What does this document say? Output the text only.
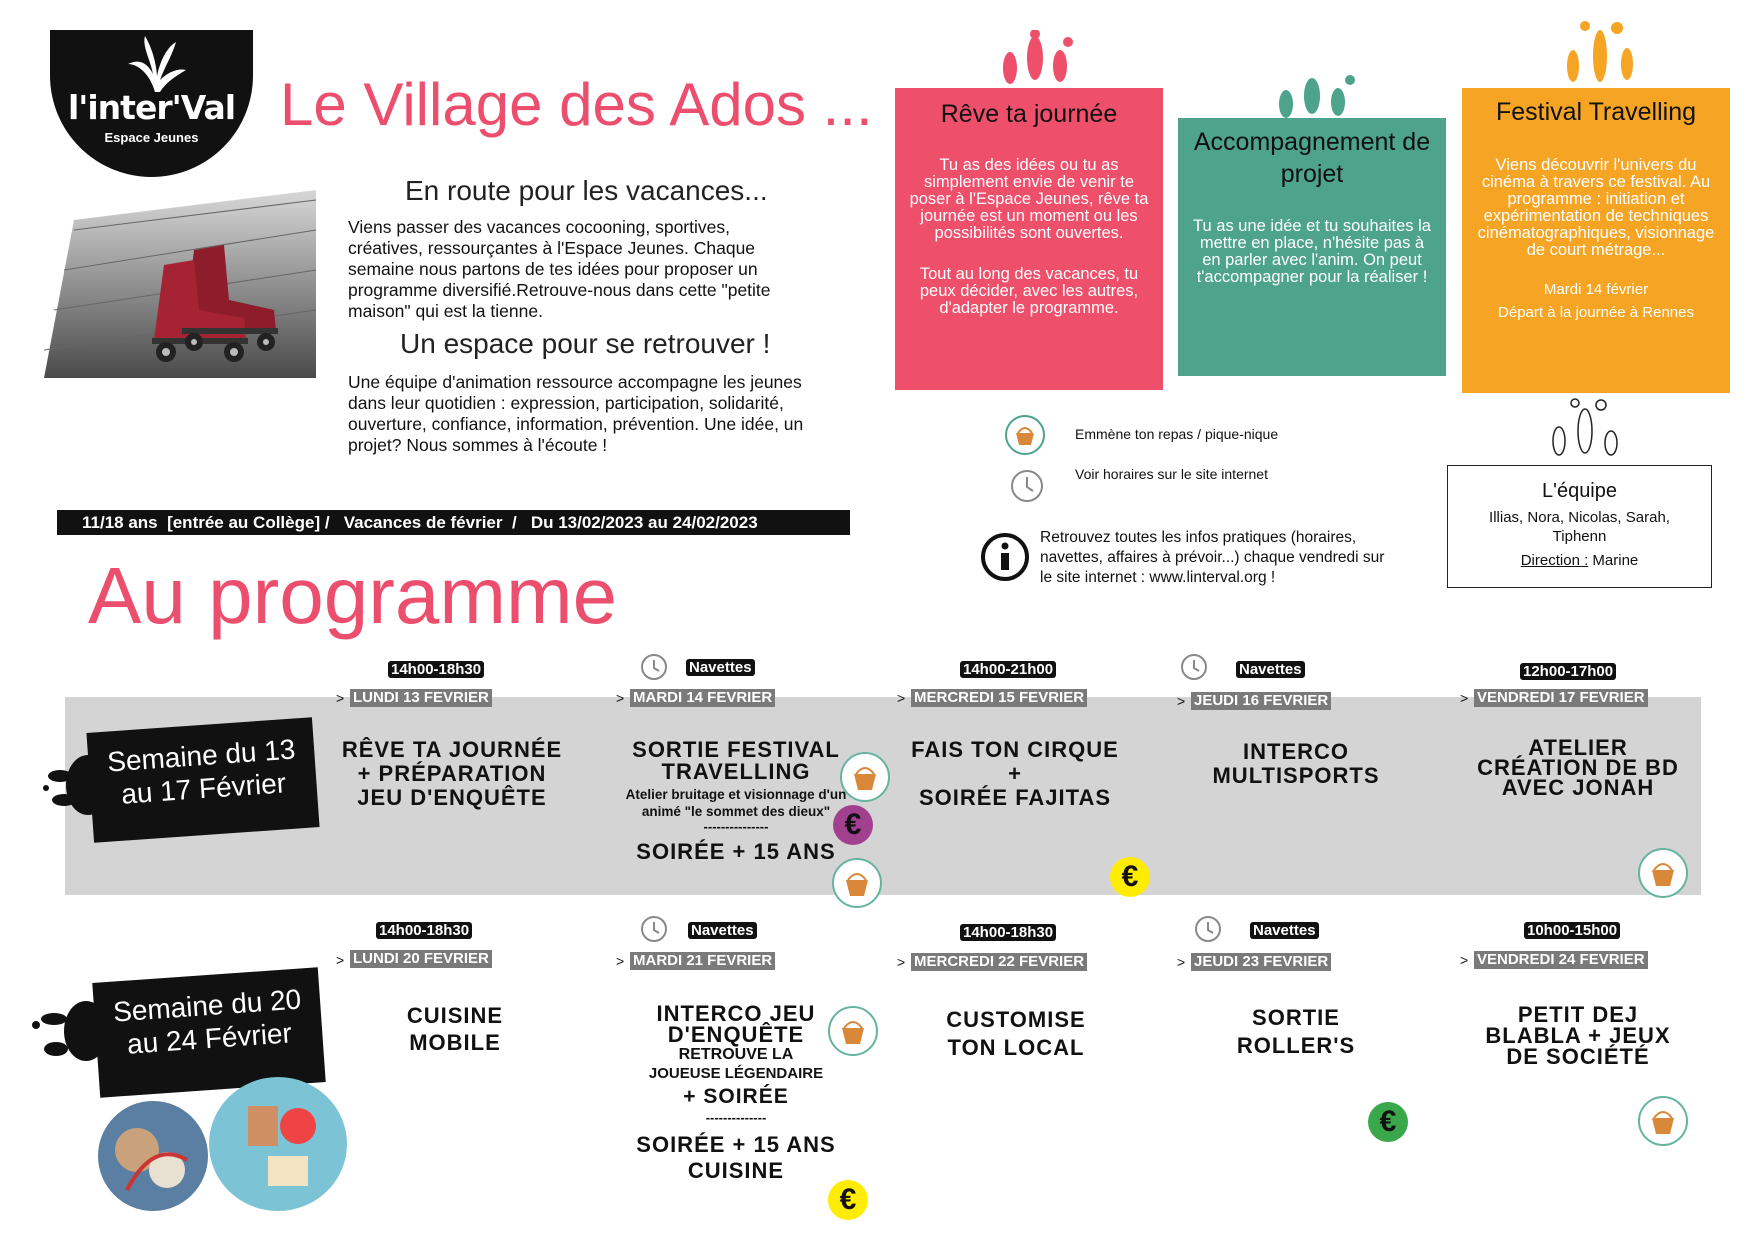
l'inter'Val
Espace Jeunes	Le Village des Ados ...
En route pour les vacances...
Viens passer des vacances cocooning, sportives, créatives, ressourçantes à l'Espace Jeunes. Chaque semaine nous partons de tes idées pour proposer un programme diversifié.Retrouve-nous dans cette "petite maison" qui est la tienne.
Un espace pour se retrouver !
Une équipe d'animation ressource accompagne les jeunes dans leur quotidien : expression, participation, solidarité, ouverture, confiance, information, prévention. Une idée, un projet? Nous sommes à l'écoute !
11/18 ans  [entrée au Collège] /   Vacances de février  /   Du 13/02/2023 au 24/02/2023
Au programme
Rêve ta journée

Tu as des idées ou tu as simplement envie de venir te poser à l'Espace Jeunes, rêve ta journée est un moment ou les possibilités sont ouvertes.

Tout au long des vacances, tu peux décider, avec les autres, d'adapter le programme.

Accompagnement de projet

Tu as une idée et tu souhaites la mettre en place, n'hésite pas à en parler avec l'anim. On peut t'accompagner pour la réaliser !

Festival Travelling

Viens découvrir l'univers du cinéma à travers ce festival. Au programme : initiation et expérimentation de techniques cinématographiques, visionnage de court métrage...

Mardi 14 février

Départ à la journée à Rennes

Emmène ton repas / pique-nique
Voir horaires sur le site internet
Retrouvez toutes les infos pratiques (horaires, navettes, affaires à prévoir...) chaque vendredi sur le site internet : www.linterval.org !
L'équipe
Illias, Nora, Nicolas, Sarah, Tiphenn
Direction : Marine
Semaine du 13
au 17 Février
Semaine du 20
au 24 Février
14h00-18h30
> LUNDI 13 FEVRIER
RÊVE TA JOURNÉE
+ PRÉPARATION
JEU D'ENQUÊTE
Navettes
> MARDI 14 FEVRIER
SORTIE FESTIVAL
TRAVELLING
Atelier bruitage et visionnage d'un
animé "le sommet des dieux"
---------------
SOIRÉE + 15 ANS
€
14h00-21h00
> MERCREDI 15 FEVRIER
FAIS TON CIRQUE
+
SOIRÉE FAJITAS
€
Navettes
> JEUDI 16 FEVRIER
INTERCO
MULTISPORTS
12h00-17h00
> VENDREDI 17 FEVRIER
ATELIER
CRÉATION DE BD
AVEC JONAH
14h00-18h30
> LUNDI 20 FEVRIER
CUISINE
MOBILE
Navettes
> MARDI 21 FEVRIER
INTERCO JEU
D'ENQUÊTE
RETROUVE LA
JOUEUSE LÉGENDAIRE
+ SOIRÉE
--------------
SOIRÉE + 15 ANS
CUISINE
€
14h00-18h30
> MERCREDI 22 FEVRIER
CUSTOMISE
TON LOCAL
Navettes
> JEUDI 23 FEVRIER
SORTIE
ROLLER'S
€
10h00-15h00
> VENDREDI 24 FEVRIER
PETIT DEJ
BLABLA + JEUX
DE SOCIÉTÉ
